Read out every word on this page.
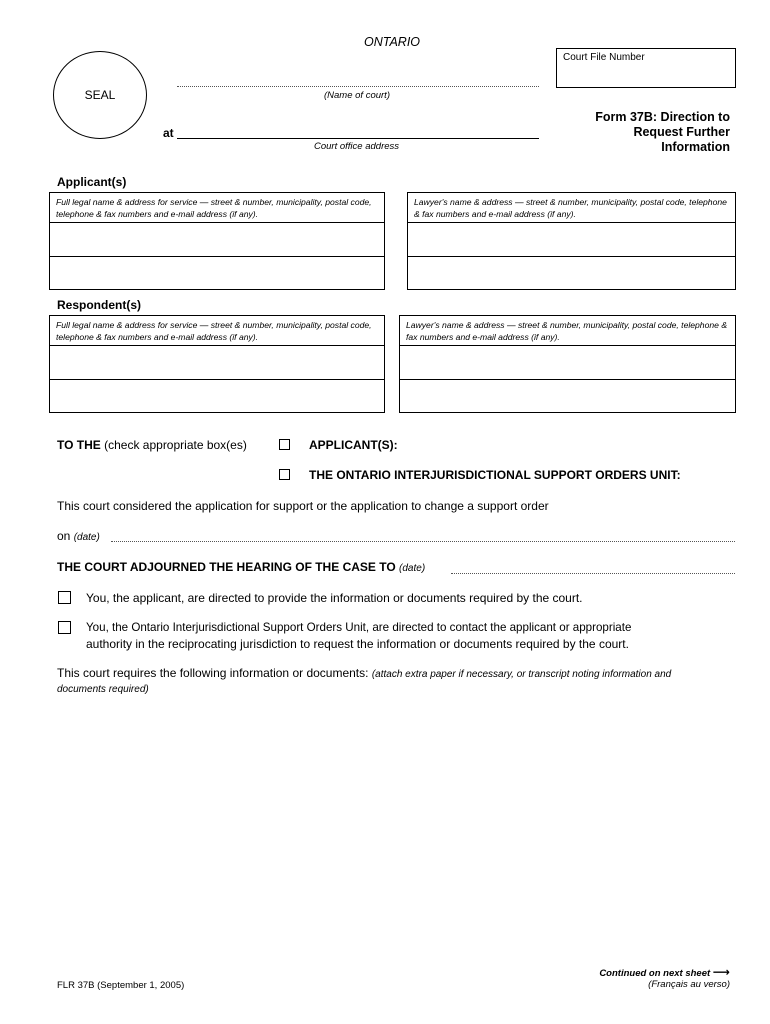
ONTARIO
SEAL
Court File Number
(Name of court)
at
Court office address
Form 37B: Direction to
Request Further
Information
Applicant(s)
Full legal name & address for service — street & number, municipality, postal code, telephone & fax numbers and e-mail address (if any).
Lawyer's name & address — street & number, municipality, postal code, telephone & fax numbers and e-mail address (if any).
Respondent(s)
Full legal name & address for service — street & number, municipality, postal code, telephone & fax numbers and e-mail address (if any).
Lawyer's name & address — street & number, municipality, postal code, telephone & fax numbers and e-mail address (if any).
TO THE (check appropriate box(es)	APPLICANT(S):
THE ONTARIO INTERJURISDICTIONAL SUPPORT ORDERS UNIT:
This court considered the application for support or the application to change a support order
on (date)
THE COURT ADJOURNED THE HEARING OF THE CASE TO (date)
You, the applicant, are directed to provide the information or documents required by the court.
You, the Ontario Interjurisdictional Support Orders Unit, are directed to contact the applicant or appropriate
authority in the reciprocating jurisdiction to request the information or documents required by the court.
This court requires the following information or documents: (attach extra paper if necessary, or transcript noting information and
documents required)
FLR 37B (September 1, 2005)
Continued on next sheet ⟶
(Français au verso)
